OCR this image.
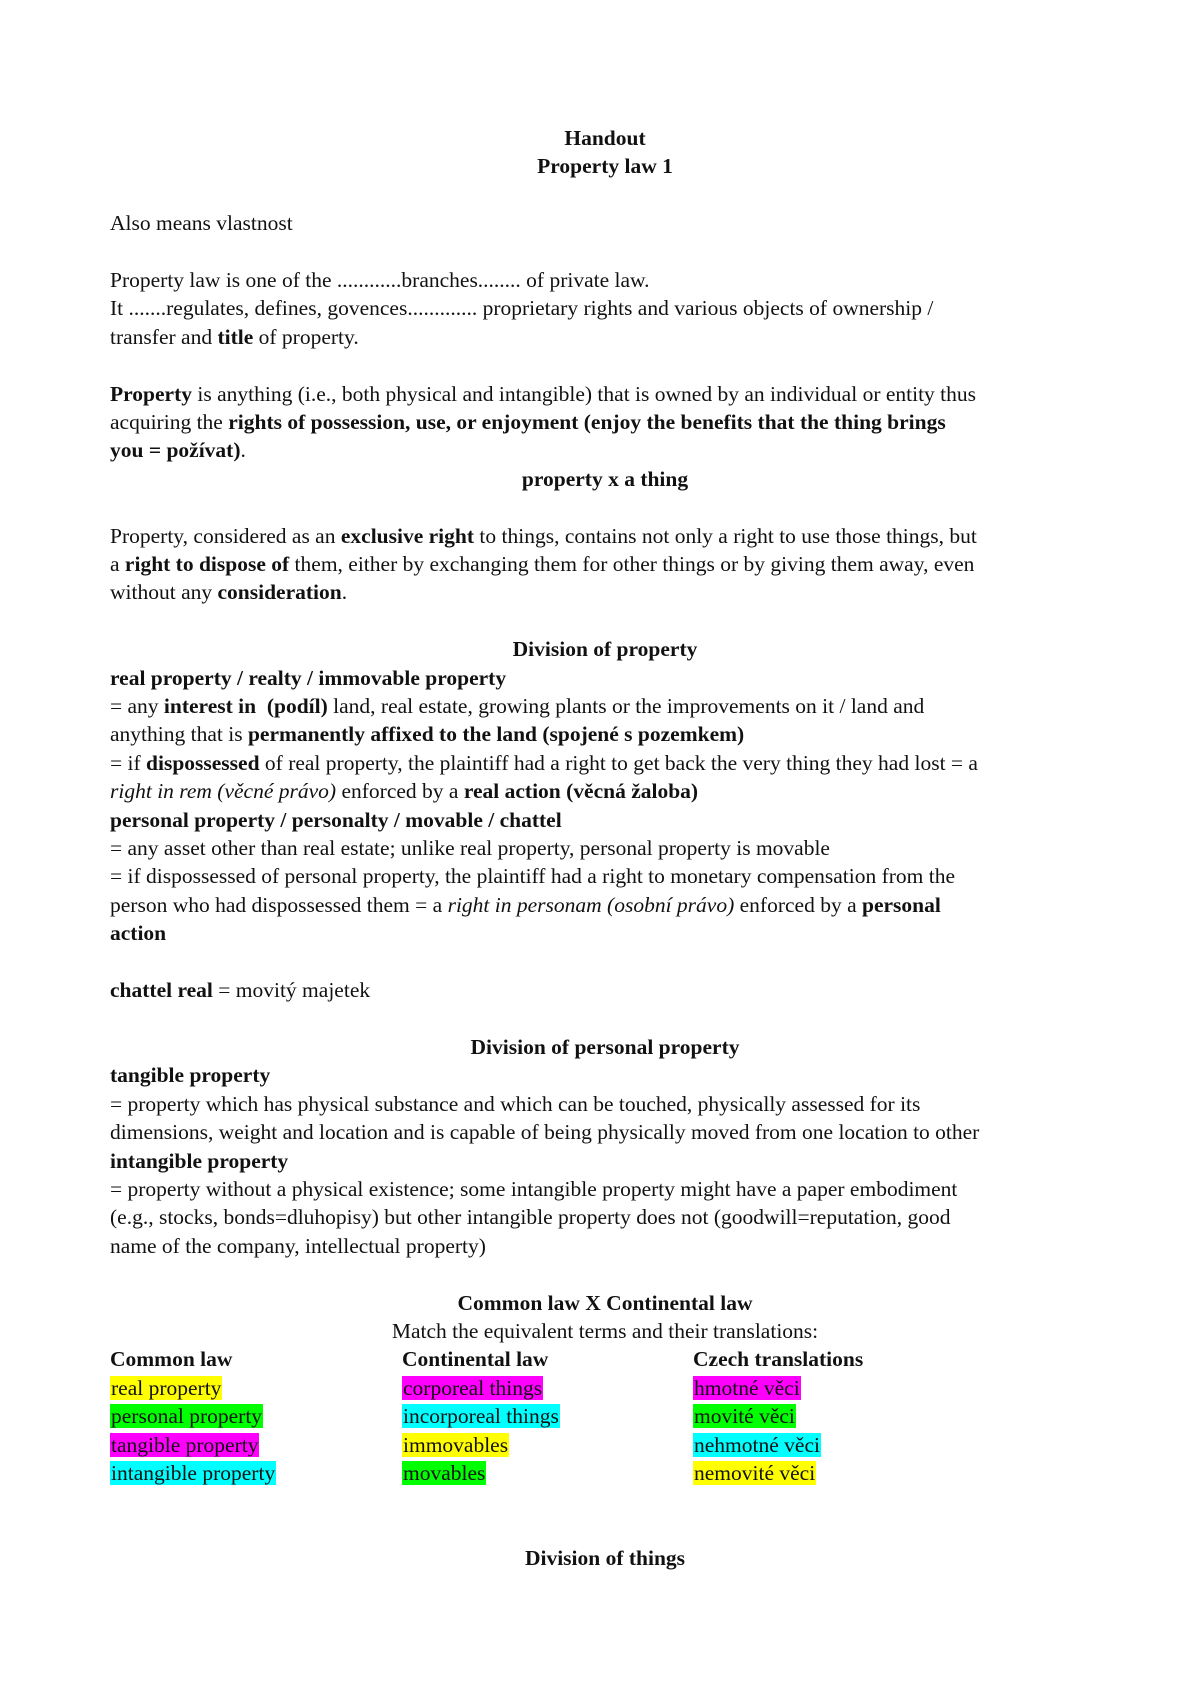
Handout
Property law 1
Also means vlastnost
Property law is one of the ............branches........ of private law.
It .......regulates, defines, govences............. proprietary rights and various objects of ownership /
transfer and title of property.
Property is anything (i.e., both physical and intangible) that is owned by an individual or entity thus
acquiring the rights of possession, use, or enjoyment (enjoy the benefits that the thing brings
you = požívat).
property x a thing
Property, considered as an exclusive right to things, contains not only a right to use those things, but
a right to dispose of them, either by exchanging them for other things or by giving them away, even
without any consideration.
Division of property
real property / realty / immovable property
= any interest in  (podíl) land, real estate, growing plants or the improvements on it / land and
anything that is permanently affixed to the land (spojené s pozemkem)
= if dispossessed of real property, the plaintiff had a right to get back the very thing they had lost = a
right in rem (věcné právo) enforced by a real action (věcná žaloba)
personal property / personalty / movable / chattel
= any asset other than real estate; unlike real property, personal property is movable
= if dispossessed of personal property, the plaintiff had a right to monetary compensation from the
person who had dispossessed them = a right in personam (osobní právo) enforced by a personal
action
chattel real = movitý majetek
Division of personal property
tangible property
= property which has physical substance and which can be touched, physically assessed for its
dimensions, weight and location and is capable of being physically moved from one location to other
intangible property
= property without a physical existence; some intangible property might have a paper embodiment
(e.g., stocks, bonds=dluhopisy) but other intangible property does not (goodwill=reputation, good
name of the company, intellectual property)
Common law X Continental law
Match the equivalent terms and their translations:
Common law
real property
personal property
tangible property
intangible property
Continental law
corporeal things
incorporeal things
immovables
movables
Czech translations
hmotné věci
movité věci
nehmotné věci
nemovité věci
Division of things
